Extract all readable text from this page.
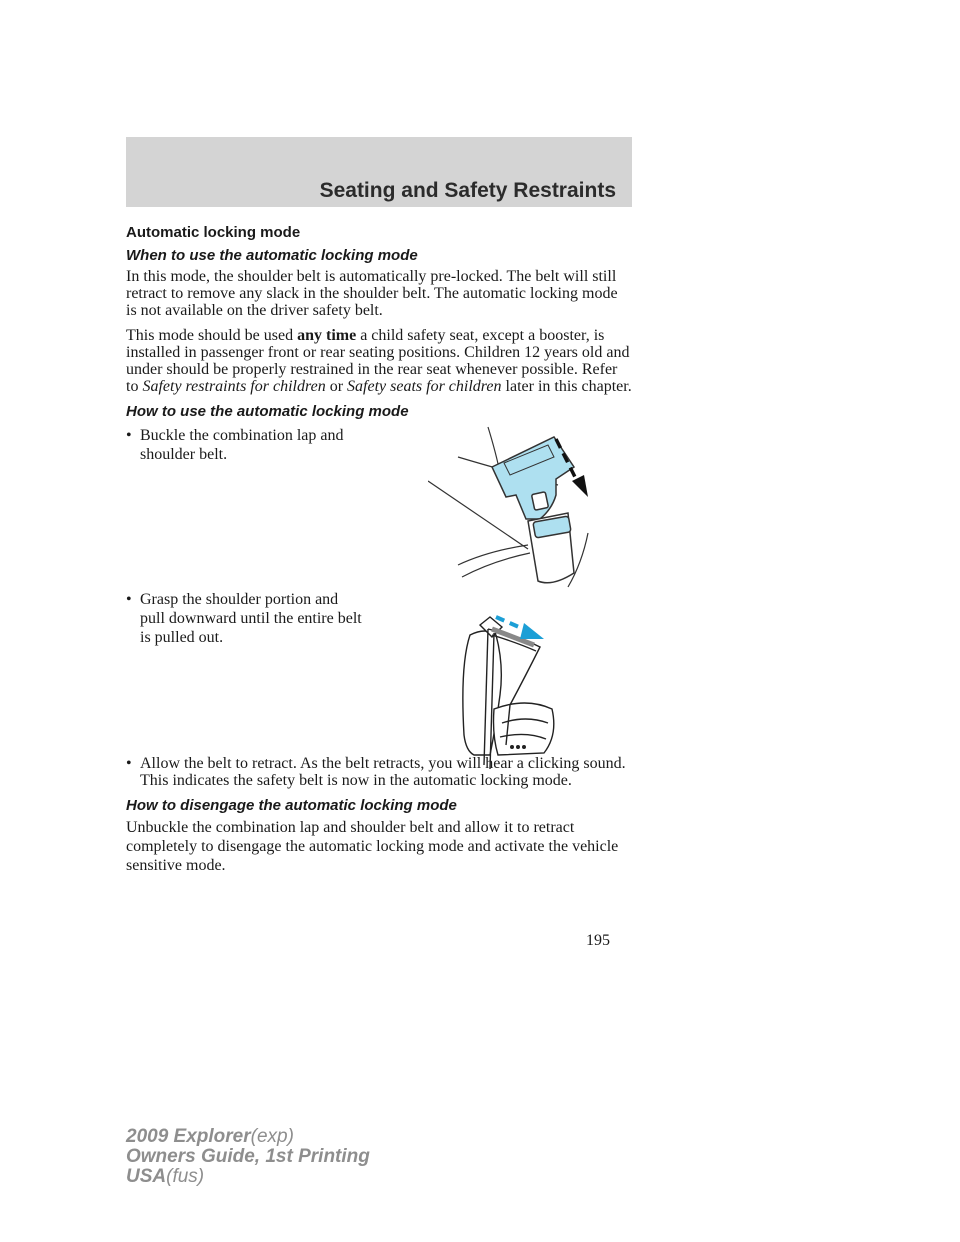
Seating and Safety Restraints
Automatic locking mode
When to use the automatic locking mode

In this mode, the shoulder belt is automatically pre-locked. The belt will still retract to remove any slack in the shoulder belt. The automatic locking mode is not available on the driver safety belt.

This mode should be used any time a child safety seat, except a booster, is installed in passenger front or rear seating positions. Children 12 years old and under should be properly restrained in the rear seat whenever possible. Refer to Safety restraints for children or Safety seats for children later in this chapter.

How to use the automatic locking mode
• Buckle the combination lap and shoulder belt.
• Grasp the shoulder portion and pull downward until the entire belt is pulled out.
• Allow the belt to retract. As the belt retracts, you will hear a clicking sound. This indicates the safety belt is now in the automatic locking mode.
How to disengage the automatic locking mode

Unbuckle the combination lap and shoulder belt and allow it to retract completely to disengage the automatic locking mode and activate the vehicle sensitive mode.

195
2009 Explorer(exp)
Owners Guide, 1st Printing
USA(fus)
